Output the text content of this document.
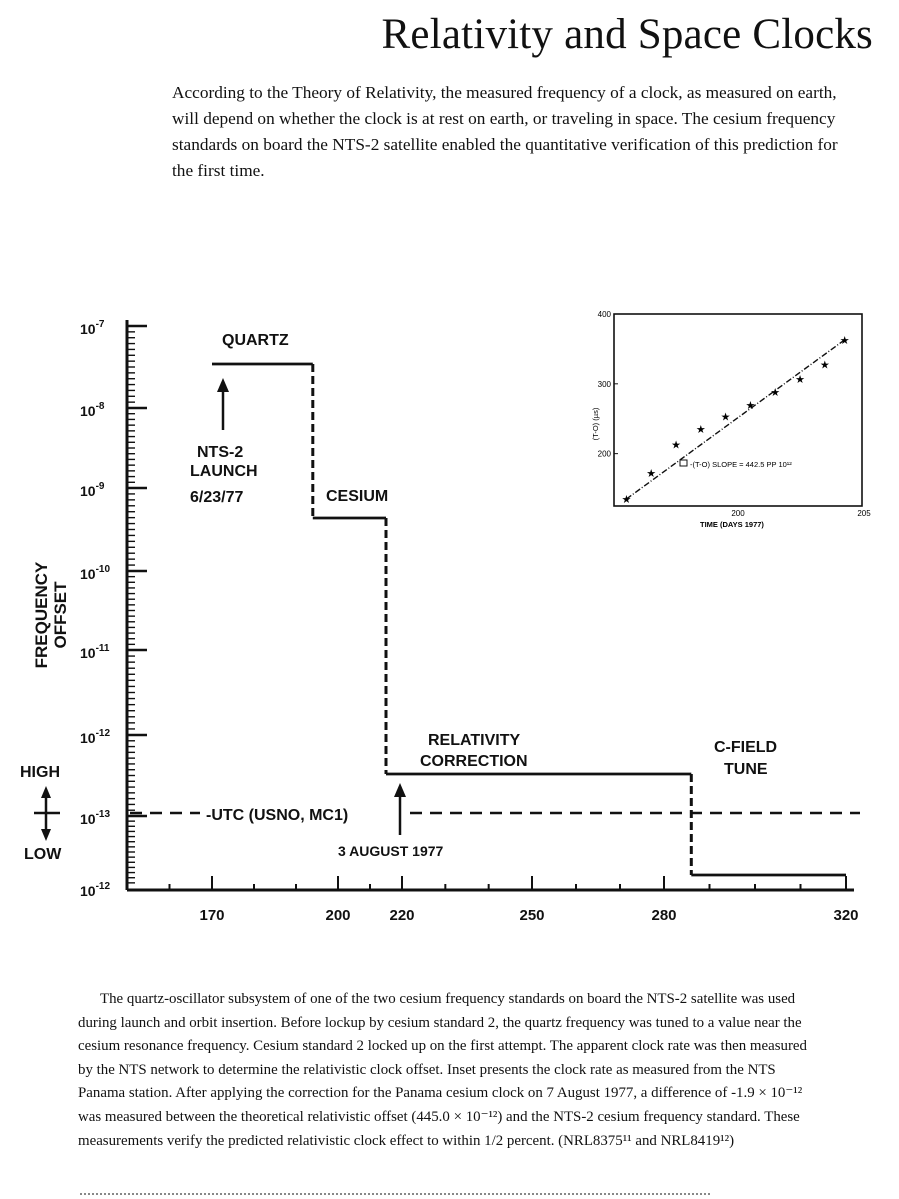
Relativity and Space Clocks
According to the Theory of Relativity, the measured frequency of a clock, as measured on earth, will depend on whether the clock is at rest on earth, or traveling in space. The cesium frequency standards on board the NTS-2 satellite enabled the quantitative verification of this prediction for the first time.
$10^{-7}$
$10^{-8}$
$10^{-9}$
$10^{-10}$
$10^{-11}$
$10^{-12}$
$10^{-13}$
$10^{-12}$
170	200	220	250	280	320
FREQUENCY OFFSET
HIGH
LOW
-UTC (USNO, MC1)
QUARTZ
CESIUM
RELATIVITY
CORRECTION
C-FIELD
TUNE
NTS-2
LAUNCH
6/23/77
3 AUGUST 1977
200	205
200
300
400
TIME (DAYS 1977)
(T-O) (µs)
★
★
★
★
★
★
★
★
★
★
-(T-O) SLOPE = 442.5 PP 10¹²

The quartz-oscillator subsystem of one of the two cesium frequency standards on board the NTS-2 satellite was used during launch and orbit insertion. Before lockup by cesium standard 2, the quartz frequency was tuned to a value near the cesium resonance frequency. Cesium standard 2 locked up on the first attempt. The apparent clock rate was then measured by the NTS network to determine the relativistic clock offset. Inset presents the clock rate as measured from the NTS Panama station. After applying the correction for the Panama cesium clock on 7 August 1977, a difference of -1.9 × 10⁻¹² was measured between the theoretical relativistic offset (445.0 × 10⁻¹²) and the NTS-2 cesium frequency standard. These measurements verify the predicted relativistic clock effect to within 1/2 percent. (NRL8375¹¹ and NRL8419¹²)
